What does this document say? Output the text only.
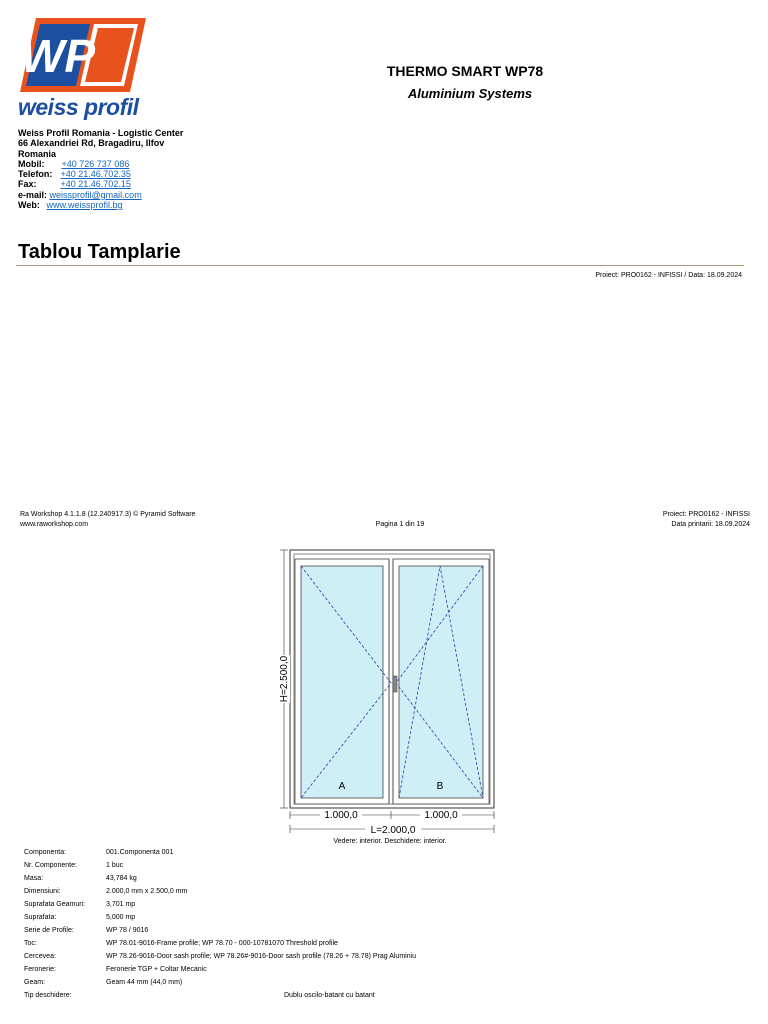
WP
weiss profil
THERMO SMART WP78
Aluminium Systems
Weiss Profil Romania - Logistic Center
66 Alexandriei Rd, Bragadiru, Ilfov
Romania
Mobil: +40 726 737 086
Telefon: +40 21.46.702.35
Fax:	+40 21.46.702.15
e-mail: weissprofil@gmail.com
Web: www.weissprofil.bg
Tablou Tamplarie
Proiect: PRO0162 - INFISSI / Data: 18.09.2024
Ra Workshop 4.1.1.8 (12.240917.3) © Pyramid Software
www.raworkshop.com	Pagina 1 din 19
Proiect: PRO0162 - INFISSI
Data printarii: 18.09.2024
A	B
H=2.500,0
1.000,0	1.000,0
L=2.000,0
Vedere: interior. Deschidere: interior.
Componenta:	001.Componenta 001
Nr. Componente:	1 buc
Masa:	43,784 kg
Dimensiuni:	2.000,0 mm x 2.500,0 mm
Suprafata Geamuri:	3,701 mp
Suprafata:	5,000 mp
Serie de Profile:	WP 78 / 9016
Toc:	WP 78.01-9016-Frame profile; WP 78.70 - 000-10781070 Threshold profile
Cerceveа:	WP 78.26-9016-Door sash profile; WP 78.26#-9016-Door sash profile (78.26 + 78.78) Prag Aluminiu
Feronerie:	Feronerie TGP + Coltar Mecanic
Geam:	Geam 44 mm (44,0 mm)
Tip deschidere:	Dublu oscilo-batant cu batant
